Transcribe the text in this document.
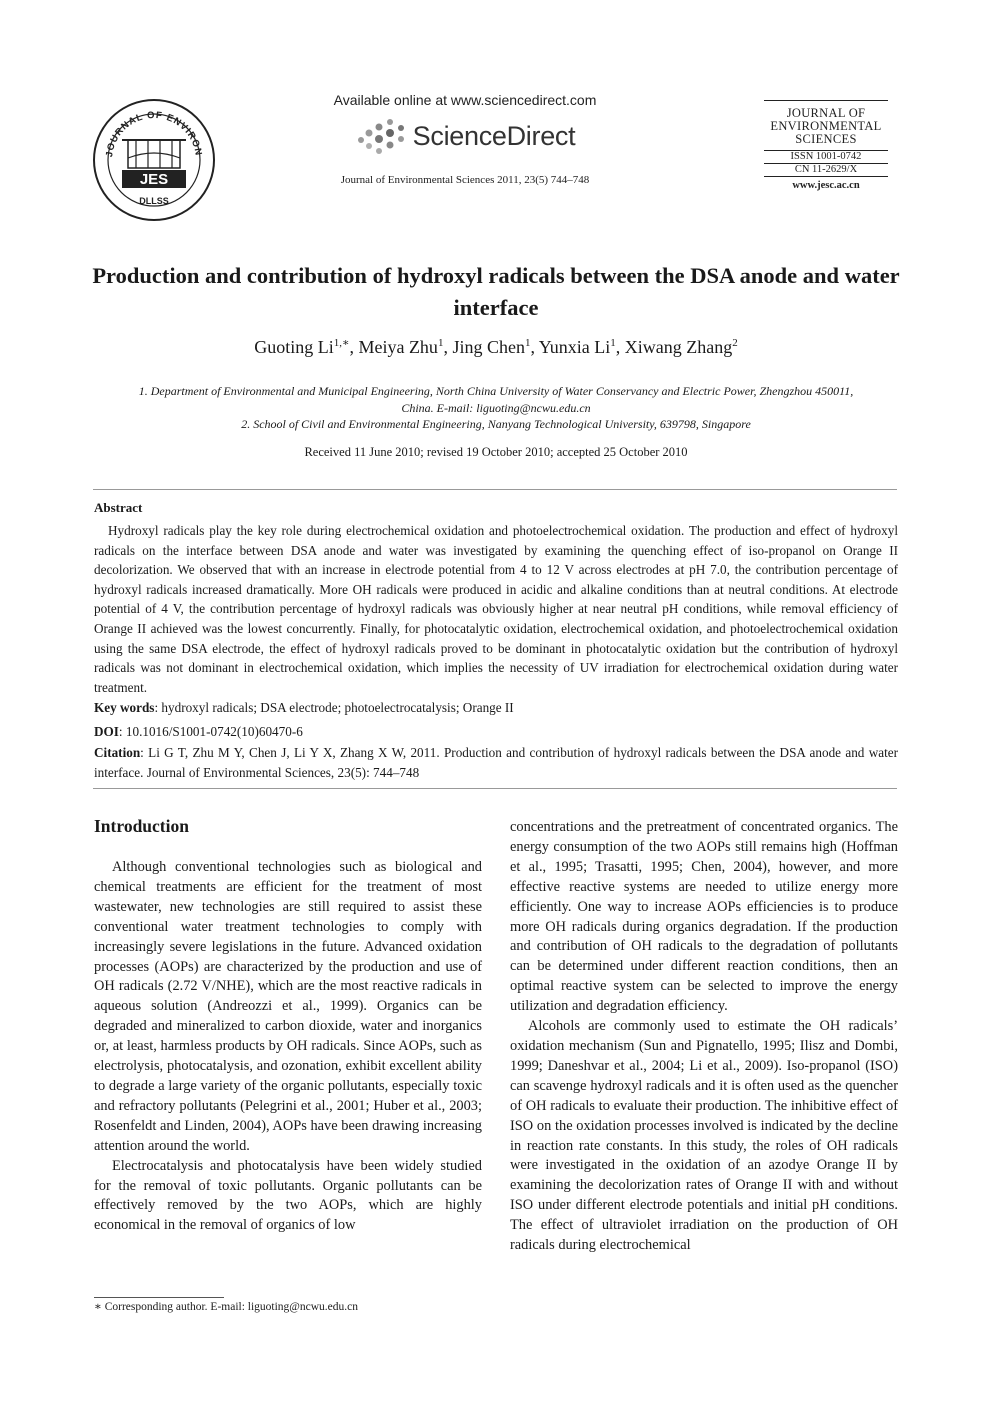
JOURNAL OF ENVIRON
JES
DLLSS
Available online at www.sciencedirect.com
ScienceDirect
Journal of Environmental Sciences 2011, 23(5) 744–748
JOURNAL OF
ENVIRONMENTAL
SCIENCES
ISSN 1001-0742
CN 11-2629/X
www.jesc.ac.cn
Production and contribution of hydroxyl radicals between the DSA anode and water interface
Guoting $Li^{1,∗}$, Meiya Zhu$^1$, Jing Chen$^1$, Yunxia Li$^1$, Xiwang Zhang$^2$
1. Department of Environmental and Municipal Engineering, North China University of Water Conservancy and Electric Power, Zhengzhou 450011,
China. E-mail: liguoting@ncwu.edu.cn
2. School of Civil and Environmental Engineering, Nanyang Technological University, 639798, Singapore
Received 11 June 2010; revised 19 October 2010; accepted 25 October 2010
Abstract
Hydroxyl radicals play the key role during electrochemical oxidation and photoelectrochemical oxidation. The production and effect of hydroxyl radicals on the interface between DSA anode and water was investigated by examining the quenching effect of iso-propanol on Orange II decolorization. We observed that with an increase in electrode potential from 4 to 12 V across electrodes at pH 7.0, the contribution percentage of hydroxyl radicals increased dramatically. More OH radicals were produced in acidic and alkaline conditions than at neutral conditions. At electrode potential of 4 V, the contribution percentage of hydroxyl radicals was obviously higher at near neutral pH conditions, while removal efficiency of Orange II achieved was the lowest concurrently. Finally, for photocatalytic oxidation, electrochemical oxidation, and photoelectrochemical oxidation using the same DSA electrode, the effect of hydroxyl radicals proved to be dominant in photocatalytic oxidation but the contribution of hydroxyl radicals was not dominant in electrochemical oxidation, which implies the necessity of UV irradiation for electrochemical oxidation during water treatment.
Key words: hydroxyl radicals; DSA electrode; photoelectrocatalysis; Orange II
DOI: 10.1016/S1001-0742(10)60470-6
Citation: Li G T, Zhu M Y, Chen J, Li Y X, Zhang X W, 2011. Production and contribution of hydroxyl radicals between the DSA anode and water interface. Journal of Environmental Sciences, 23(5): 744–748
Introduction

Although conventional technologies such as biological and chemical treatments are efficient for the treatment of most wastewater, new technologies are still required to assist these conventional water treatment technologies to comply with increasingly severe legislations in the future. Advanced oxidation processes (AOPs) are characterized by the production and use of OH radicals (2.72 V/NHE), which are the most reactive radicals in aqueous solution (Andreozzi et al., 1999). Organics can be degraded and mineralized to carbon dioxide, water and inorganics or, at least, harmless products by OH radicals. Since AOPs, such as electrolysis, photocatalysis, and ozonation, exhibit excellent ability to degrade a large variety of the organic pollutants, especially toxic and refractory pollutants (Pelegrini et al., 2001; Huber et al., 2003; Rosenfeldt and Linden, 2004), AOPs have been drawing increasing attention around the world.

Electrocatalysis and photocatalysis have been widely studied for the removal of toxic pollutants. Organic pollutants can be effectively removed by the two AOPs, which are highly economical in the removal of organics of low

concentrations and the pretreatment of concentrated organics. The energy consumption of the two AOPs still remains high (Hoffman et al., 1995; Trasatti, 1995; Chen, 2004), however, and more effective reactive systems are needed to utilize energy more efficiently. One way to increase AOPs efficiencies is to produce more OH radicals during organics degradation. If the production and contribution of OH radicals to the degradation of pollutants can be determined under different reaction conditions, then an optimal reactive system can be selected to improve the energy utilization and degradation efficiency.

Alcohols are commonly used to estimate the OH radicals’ oxidation mechanism (Sun and Pignatello, 1995; Ilisz and Dombi, 1999; Daneshvar et al., 2004; Li et al., 2009). Iso-propanol (ISO) can scavenge hydroxyl radicals and it is often used as the quencher of OH radicals to evaluate their production. The inhibitive effect of ISO on the oxidation processes involved is indicated by the decline in reaction rate constants. In this study, the roles of OH radicals were investigated in the oxidation of an azodye Orange II by examining the decolorization rates of Orange II with and without ISO under different electrode potentials and initial pH conditions. The effect of ultraviolet irradiation on the production of OH radicals during electrochemical

∗ Corresponding author. E-mail: liguoting@ncwu.edu.cn
